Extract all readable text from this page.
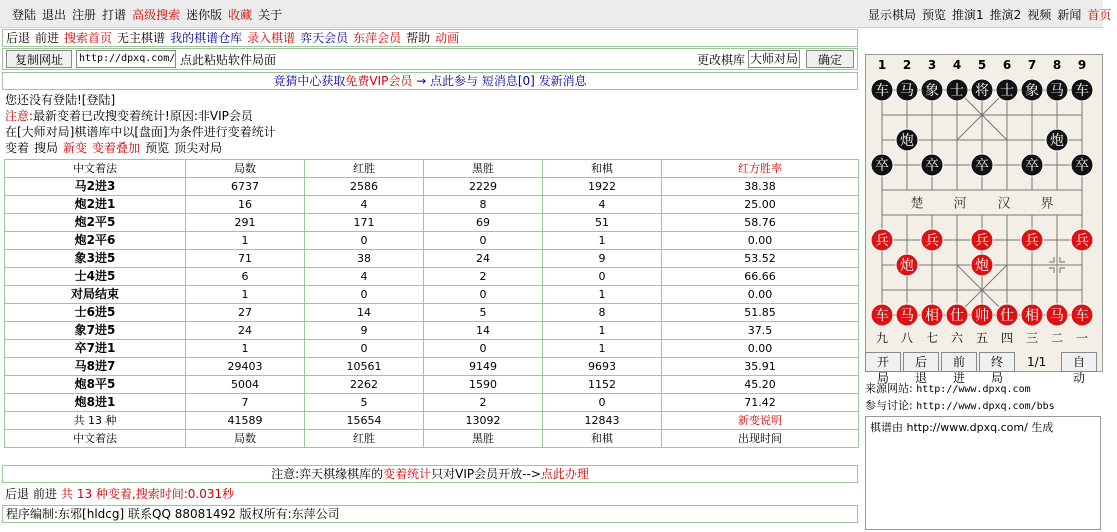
登陆 退出 注册 打谱 高级搜索 迷你版 收藏 关于	显示棋局 预览 推演1 推演2 视频 新闻 首页
后退 前进 搜索首页 无主棋谱 我的棋谱仓库 录入棋谱 弈天会员 东萍会员 帮助 动画
复制网址	http://dpxq.com/ 点此粘贴软件局面	更改棋库 大师对局	确定
竟猜中心获取免费VIP会员 → 点此参与 短消息[0] 发新消息
您还没有登陆![登陆]
注意:最新变着已改搜变着统计!原因:非VIP会员
在[大师对局]棋谱库中以[盘面]为条件进行变着统计
变着 搜局 新变 变着叠加 预览 顶尖对局
中文着法	局数	红胜	黑胜	和棋	红方胜率
马2进3	6737	2586	2229	1922	38.38
炮2进1	16	4	8	4	25.00
炮2平5	291	171	69	51	58.76
炮2平6	1	0	0	1	0.00
象3进5	71	38	24	9	53.52
士4进5	6	4	2	0	66.66
对局结束	1	0	0	1	0.00
士6进5	27	14	5	8	51.85
象7进5	24	9	14	1	37.5
卒7进1	1	0	0	1	0.00
马8进7	29403	10561	9149	9693	35.91
炮8平5	5004	2262	1590	1152	45.20
炮8进1	7	5	2	0	71.42
共 13 种	41589	15654	13092	12843	新变说明
中文着法	局数	红胜	黑胜	和棋	出现时间
注意:弈天棋缘棋库的变着统计只对VIP会员开放-->点此办理
后退 前进 共 13 种变着,搜索时间:0.031秒
程序编制:东邪[hldcg] 联系QQ 88081492 版权所有:东萍公司
1 2 3 4 5 6 7 8 9
九 八 七 六 五 四 三 二 一
楚 河 汉 界
车 马 象 士 将 士 象 马 车
炮	炮
卒	卒	卒	卒	卒
兵	兵	兵	兵	兵
炮	炮
车 马 相 仕 帅 仕 相 马 车
开局
后退
前进
终局
1/1	自动
来源网站: http://www.dpxq.com
参与讨论: http://www.dpxq.com/bbs
棋谱由 http://www.dpxq.com/ 生成
